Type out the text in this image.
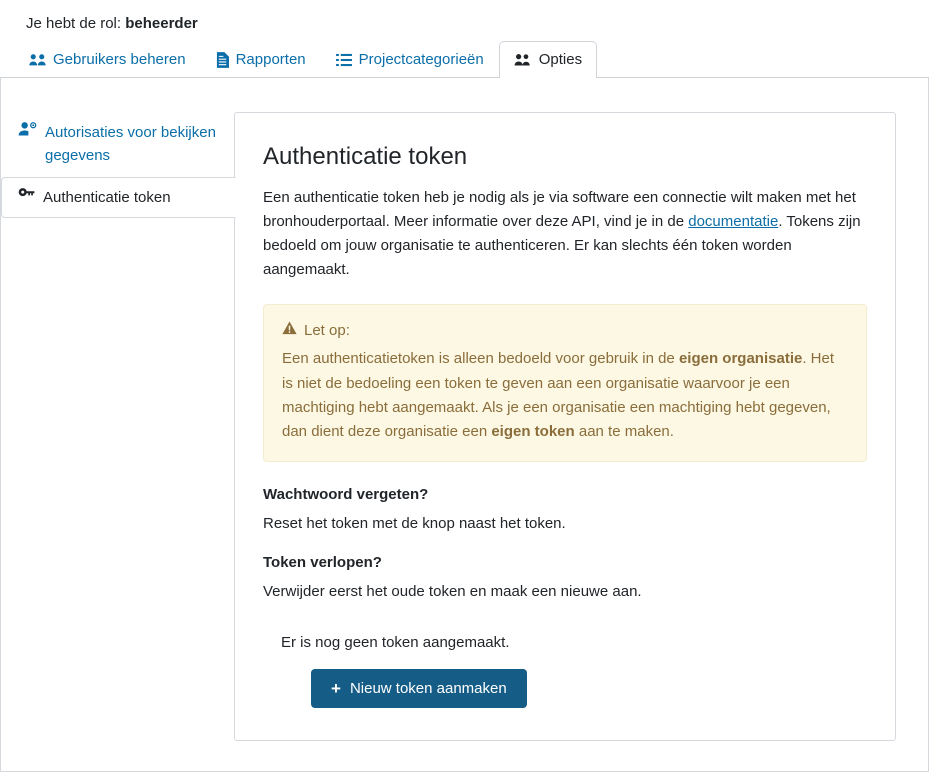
Je hebt de rol: beheerder
Gebruikers beheren	Rapporten	Projectcategorieën	Opties
Autorisaties voor bekijken gegevens
Authenticatie token
Authenticatie token

Een authenticatie token heb je nodig als je via software een connectie wilt maken met het bronhouderportaal. Meer informatie over deze API, vind je in de documentatie. Tokens zijn bedoeld om jouw organisatie te authenticeren. Er kan slechts één token worden aangemaakt.

Let op:
Een authenticatietoken is alleen bedoeld voor gebruik in de eigen organisatie. Het is niet de bedoeling een token te geven aan een organisatie waarvoor je een machtiging hebt aangemaakt. Als je een organisatie een machtiging hebt gegeven, dan dient deze organisatie een eigen token aan te maken.
Wachtwoord vergeten?

Reset het token met de knop naast het token.

Token verlopen?

Verwijder eerst het oude token en maak een nieuwe aan.

Er is nog geen token aangemaakt.
+ Nieuw token aanmaken
